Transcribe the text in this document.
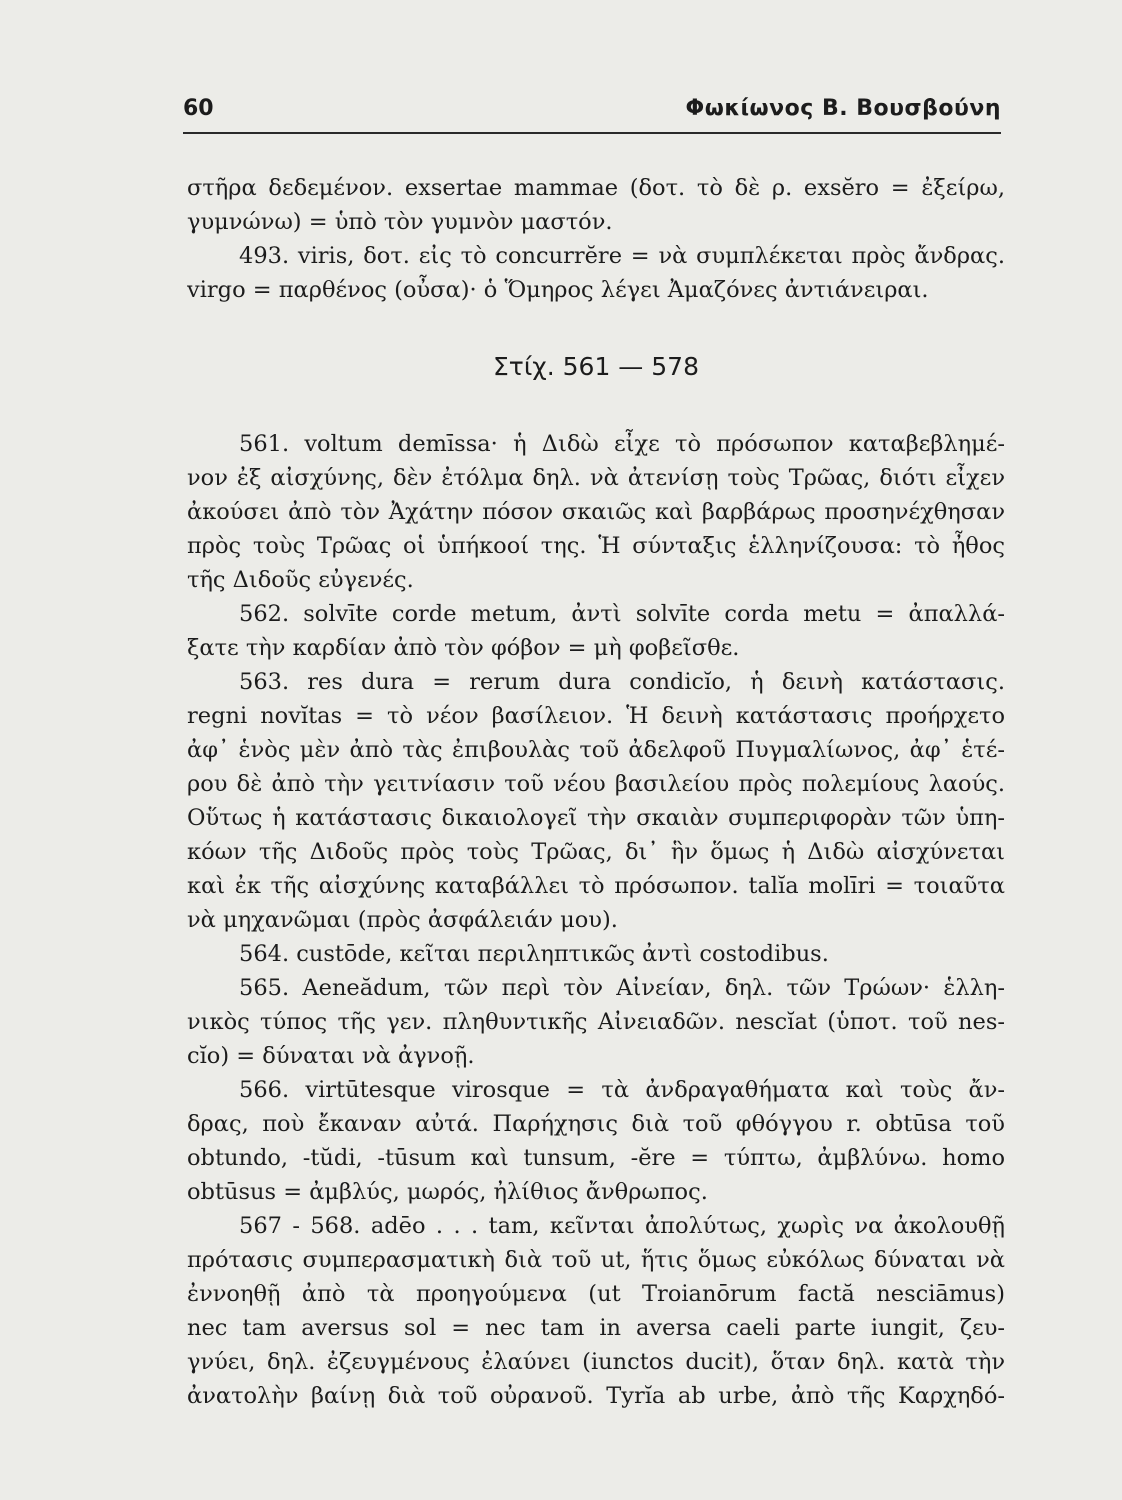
60	Φωκίωνος Β. Βουσβούνη
στῆρα δεδεμένον. exsertae mammae (δοτ. τὸ δὲ ρ. exsĕro = ἐξείρω,
γυμνώνω) = ὑπὸ τὸν γυμνὸν μαστόν.
493. viris, δοτ. εἰς τὸ concurrĕre = νὰ συμπλέκεται πρὸς ἄνδρας.
virgo = παρθένος (οὖσα)· ὁ Ὅμηρος λέγει Ἀμαζόνες ἀντιάνειραι.
Στίχ. 561 — 578
561. voltum demīssa· ἡ Διδὼ εἶχε τὸ πρόσωπον καταβεβλημέ-
νον ἐξ αἰσχύνης, δὲν ἐτόλμα δηλ. νὰ ἀτενίσῃ τοὺς Τρῶας, διότι εἶχεν
ἀκούσει ἀπὸ τὸν Ἀχάτην πόσον σκαιῶς καὶ βαρβάρως προσηνέχθησαν
πρὸς τοὺς Τρῶας οἱ ὑπήκοοί της. Ἡ σύνταξις ἑλληνίζουσα: τὸ ἦθος
τῆς Διδοῦς εὐγενές.
562. solvīte corde metum, ἀντὶ solvīte corda metu = ἀπαλλά-
ξατε τὴν καρδίαν ἀπὸ τὸν φόβον = μὴ φοβεῖσθε.
563. res dura = rerum dura condicĭo, ἡ δεινὴ κατάστασις.
regni novĭtas = τὸ νέον βασίλειον. Ἡ δεινὴ κατάστασις προήρχετο
ἀφ᾿ ἑνὸς μὲν ἀπὸ τὰς ἐπιβουλὰς τοῦ ἀδελφοῦ Πυγμαλίωνος, ἀφ᾿ ἑτέ-
ρου δὲ ἀπὸ τὴν γειτνίασιν τοῦ νέου βασιλείου πρὸς πολεμίους λαούς.
Οὕτως ἡ κατάστασις δικαιολογεῖ τὴν σκαιὰν συμπεριφορὰν τῶν ὑπη-
κόων τῆς Διδοῦς πρὸς τοὺς Τρῶας, δι᾿ ἣν ὅμως ἡ Διδὼ αἰσχύνεται
καὶ ἐκ τῆς αἰσχύνης καταβάλλει τὸ πρόσωπον. talĭa molīri = τοιαῦτα
νὰ μηχανῶμαι (πρὸς ἀσφάλειάν μου).
564. custōde, κεῖται περιληπτικῶς ἀντὶ costodibus.
565. Aeneădum, τῶν περὶ τὸν Αἰνείαν, δηλ. τῶν Τρώων· ἑλλη-
νικὸς τύπος τῆς γεν. πληθυντικῆς Αἰνειαδῶν. nescĭat (ὑποτ. τοῦ nes-
cĭo) = δύναται νὰ ἀγνοῇ.
566. virtūtesque virosque = τὰ ἀνδραγαθήματα καὶ τοὺς ἄν-
δρας, ποὺ ἔκαναν αὐτά. Παρήχησις διὰ τοῦ φθόγγου r. obtūsa τοῦ
obtundo, -tŭdi, -tūsum καὶ tunsum, -ĕre = τύπτω, ἀμβλύνω. homo
obtūsus = ἀμβλύς, μωρός, ἠλίθιος ἄνθρωπος.
567 - 568. adēo . . . tam, κεῖνται ἀπολύτως, χωρὶς να ἀκολουθῇ
πρότασις συμπερασματικὴ διὰ τοῦ ut, ἥτις ὅμως εὐκόλως δύναται νὰ
ἐννοηθῇ ἀπὸ τὰ προηγούμενα (ut Troianōrum factă nesciāmus)
nec tam aversus sol = nec tam in aversa caeli parte iungit, ζευ-
γνύει, δηλ. ἐζευγμένους ἐλαύνει (iunctos ducit), ὅταν δηλ. κατὰ τὴν
ἀνατολὴν βαίνῃ διὰ τοῦ οὐρανοῦ. Tyrĭa ab urbe, ἀπὸ τῆς Καρχηδό-
